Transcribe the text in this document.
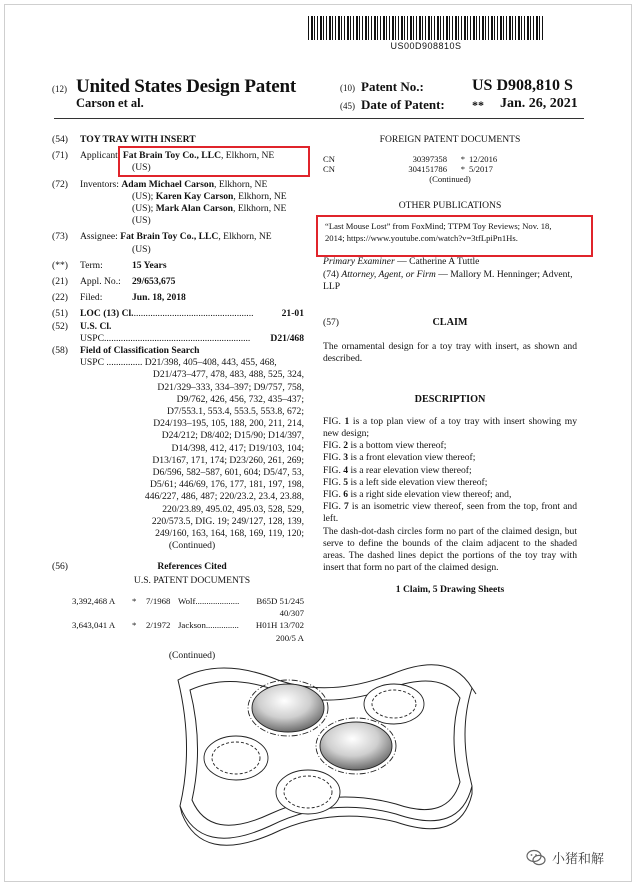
US00D908810S
(12) United States Design Patent
Carson et al.
(10) Patent No.:	US D908,810 S
(45) Date of Patent: ** Jan. 26, 2021
(54)	TOY TRAY WITH INSERT
(71)	Applicant: Fat Brain Toy Co., LLC, Elkhorn, NE
(US)
(72)	Inventors: Adam Michael Carson, Elkhorn, NE
(US); Karen Kay Carson, Elkhorn, NE
(US); Mark Alan Carson, Elkhorn, NE
(US)
(73)	Assignee: Fat Brain Toy Co., LLC, Elkhorn, NE
(US)
(**)	Term:	15 Years
(21)	Appl. No.: 29/653,675
(22)	Filed:	Jun. 18, 2018
(51)	LOC (13) Cl. ..................................................	21-01
(52)	U.S. Cl.
USPC .............................................................	D21/468
(58)	Field of Classification Search
USPC ............... D21/398, 405–408, 443, 455, 468,
D21/473–477, 478, 483, 488, 525, 324,
D21/329–333, 334–397; D9/757, 758,
D9/762, 426, 456, 732, 435–437;
D7/553.1, 553.4, 553.5, 553.8, 672;
D24/193–195, 105, 188, 200, 211, 214,
D24/212; D8/402; D15/90; D14/397,
D14/398, 412, 417; D19/103, 104;
D13/167, 171, 174; D23/260, 261, 269;
D6/596, 582–587, 601, 604; D5/47, 53,
D5/61; 446/69, 176, 177, 181, 197, 198,
446/227, 486, 487; 220/23.2, 23.4, 23.88,
220/23.89, 495.02, 495.03, 528, 529,
220/573.5, DIG. 19; 249/127, 128, 139,
249/160, 163, 164, 168, 169, 119, 120;
(Continued)
(56)	References Cited
U.S. PATENT DOCUMENTS
3,392,468 A	*	7/1968 Wolf ....................	B65D 51/245
40/307
3,643,041 A	*	2/1972 Jackson ...............	H01H 13/702
200/5 A
(Continued)
FOREIGN PATENT DOCUMENTS
CN	30397358	* 12/2016
CN	304151786	* 5/2017
(Continued)
OTHER PUBLICATIONS
“Last Mouse Lost” from FoxMind; TTPM Toy Reviews; Nov. 18, 2014; https://www.youtube.com/watch?v=3tfLpiPn1Hs.
Primary Examiner — Catherine A Tuttle
(74) Attorney, Agent, or Firm — Mallory M. Henninger; Advent, LLP
(57)	CLAIM
The ornamental design for a toy tray with insert, as shown and described.
DESCRIPTION
FIG. 1 is a top plan view of a toy tray with insert showing my new design;
FIG. 2 is a bottom view thereof;
FIG. 3 is a front elevation view thereof;
FIG. 4 is a rear elevation view thereof;
FIG. 5 is a left side elevation view thereof;
FIG. 6 is a right side elevation view thereof; and,
FIG. 7 is an isometric view thereof, seen from the top, front and left.
The dash-dot-dash circles form no part of the claimed design, but serve to define the bounds of the claim adjacent to the shaded areas. The dashed lines depict the portions of the toy tray with insert that form no part of the claimed design.
1 Claim, 5 Drawing Sheets
小猪和解
